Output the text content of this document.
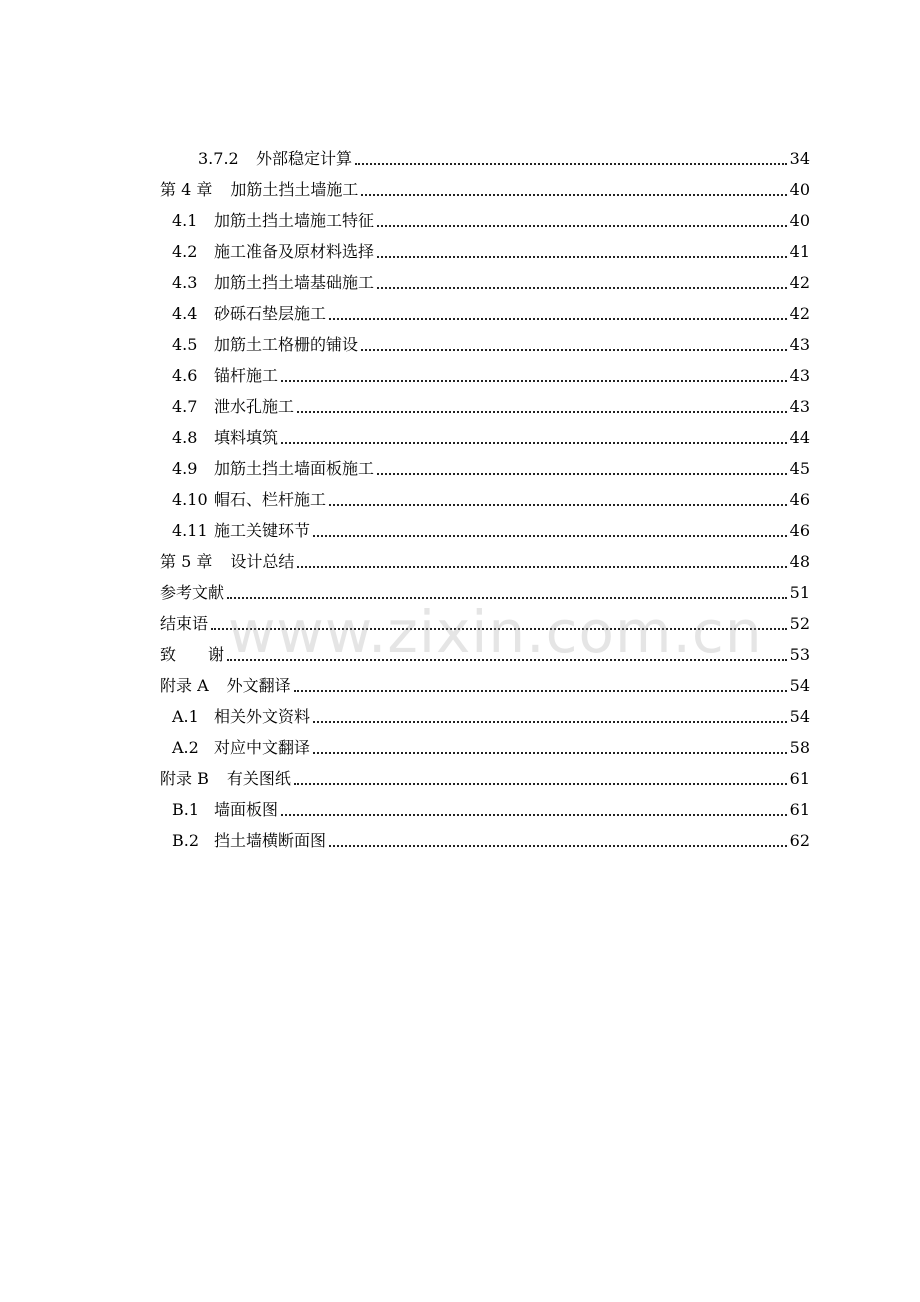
3.7.2	外部稳定计算	34
第 4 章 加筋土挡土墙施工	40
4.1	加筋土挡土墙施工特征	40
4.2	施工准备及原材料选择	41
4.3	加筋土挡土墙基础施工	42
4.4	砂砾石垫层施工	42
4.5	加筋土工格栅的铺设	43
4.6	锚杆施工	43
4.7	泄水孔施工	43
4.8	填料填筑	44
4.9	加筋土挡土墙面板施工	45
4.10 帽石、栏杆施工	46
4.11 施工关键环节	46
第 5 章 设计总结	48
参考文献	51
结束语	52
致　　谢	53
附录 A 外文翻译	54
A.1 相关外文资料	54
A.2 对应中文翻译	58
附录 B 有关图纸	61
B.1 墙面板图	61
B.2 挡土墙横断面图	62
www.zixin.com.cn
